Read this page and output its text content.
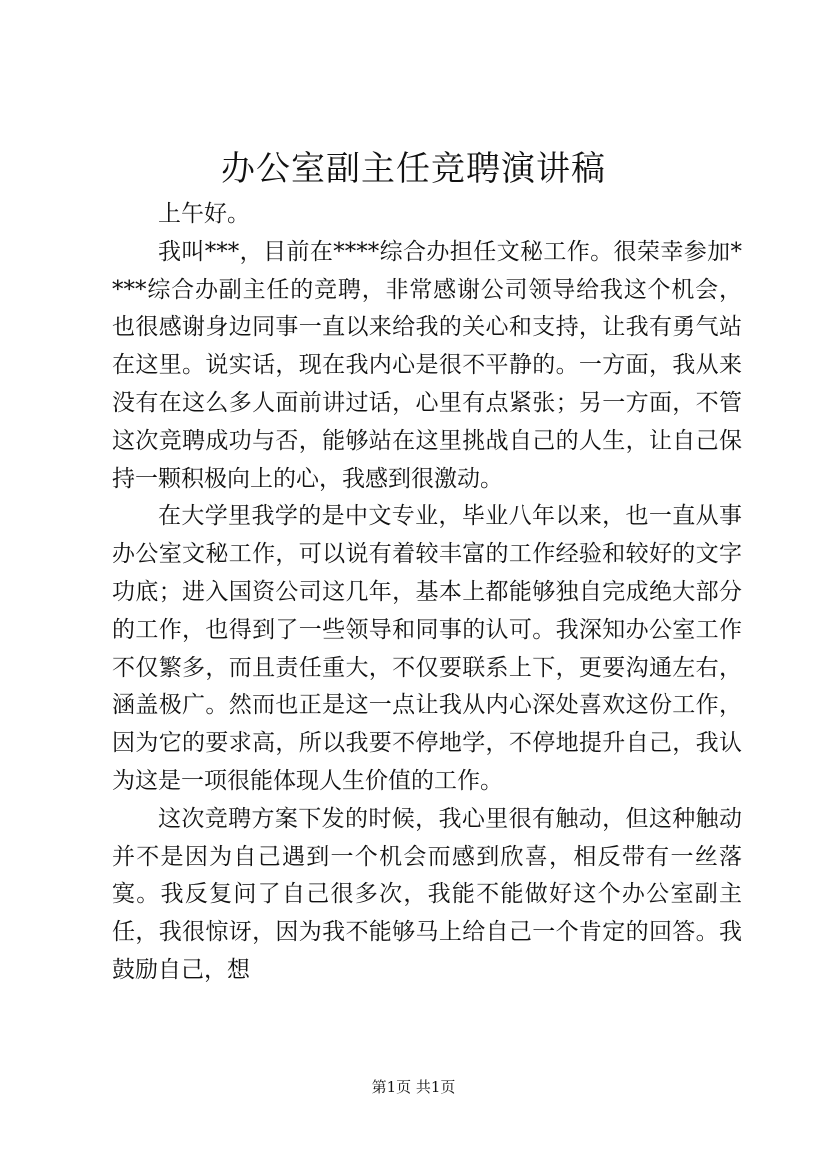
办公室副主任竞聘演讲稿

上午好。

我叫***，目前在****综合办担任文秘工作。很荣幸参加****综合办副主任的竞聘，非常感谢公司领导给我这个机会，也很感谢身边同事一直以来给我的关心和支持，让我有勇气站在这里。说实话，现在我内心是很不平静的。一方面，我从来没有在这么多人面前讲过话，心里有点紧张；另一方面，不管这次竞聘成功与否，能够站在这里挑战自己的人生，让自己保持一颗积极向上的心，我感到很激动。

在大学里我学的是中文专业，毕业八年以来，也一直从事办公室文秘工作，可以说有着较丰富的工作经验和较好的文字功底；进入国资公司这几年，基本上都能够独自完成绝大部分的工作，也得到了一些领导和同事的认可。我深知办公室工作不仅繁多，而且责任重大，不仅要联系上下，更要沟通左右，涵盖极广。然而也正是这一点让我从内心深处喜欢这份工作，因为它的要求高，所以我要不停地学，不停地提升自己，我认为这是一项很能体现人生价值的工作。

这次竞聘方案下发的时候，我心里很有触动，但这种触动并不是因为自己遇到一个机会而感到欣喜，相反带有一丝落寞。我反复问了自己很多次，我能不能做好这个办公室副主任，我很惊讶，因为我不能够马上给自己一个肯定的回答。我鼓励自己，想

第1页 共1页
